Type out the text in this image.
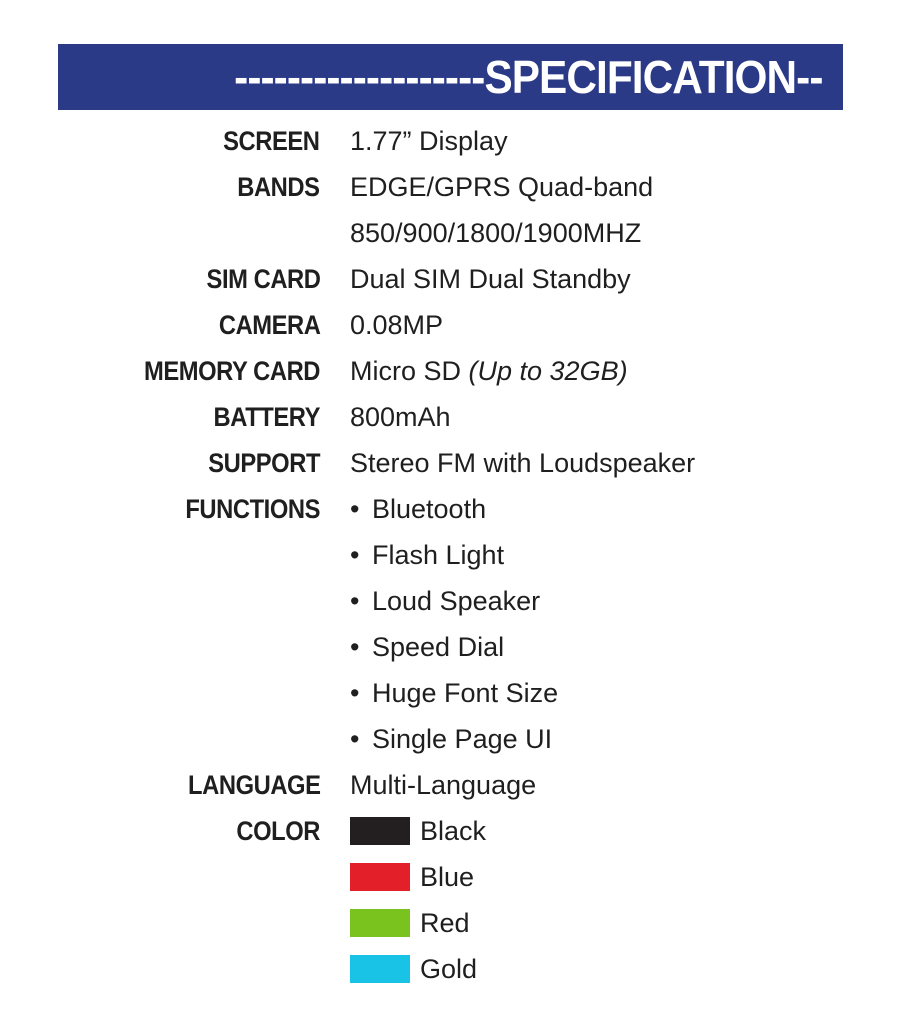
-------------------SPECIFICATION--
SCREEN 1.77” Display
BANDS EDGE/GPRS Quad-band
850/900/1800/1900MHZ
SIM CARD Dual SIM Dual Standby
CAMERA 0.08MP
MEMORY CARD Micro SD (Up to 32GB)
BATTERY 800mAh
SUPPORT Stereo FM with Loudspeaker
FUNCTIONS • Bluetooth
• Flash Light
• Loud Speaker
• Speed Dial
• Huge Font Size
• Single Page UI
LANGUAGE Multi-Language
COLOR	Black
Blue
Red
Gold
